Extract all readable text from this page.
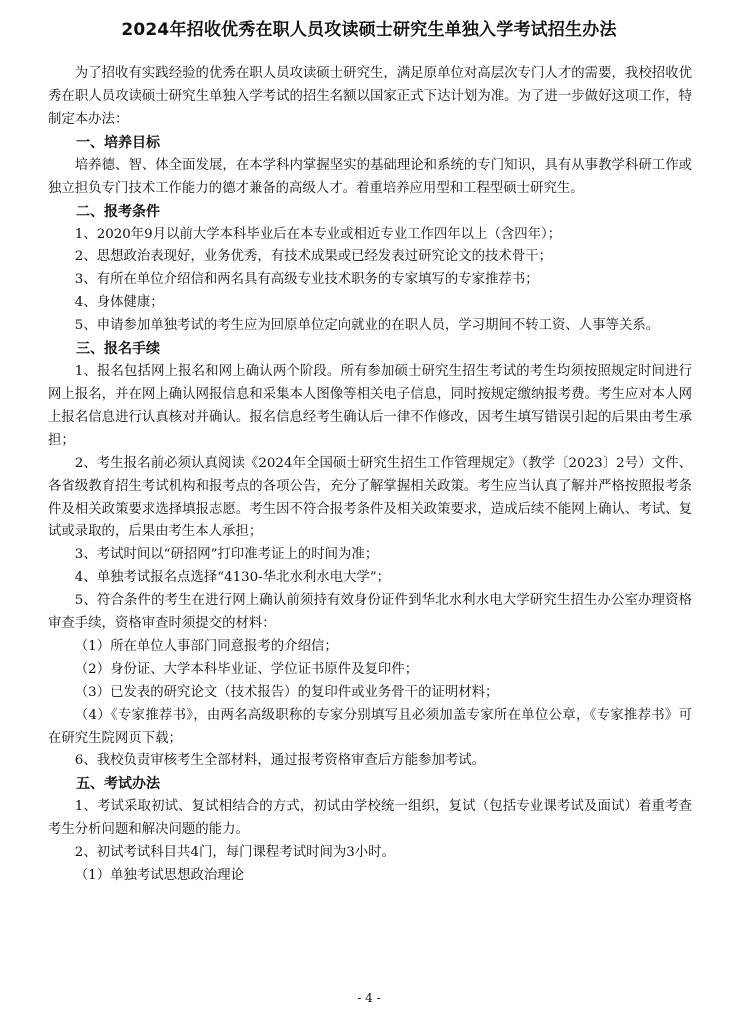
2024年招收优秀在职人员攻读硕士研究生单独入学考试招生办法

为了招收有实践经验的优秀在职人员攻读硕士研究生，满足原单位对高层次专门人才的需要，我校招收优秀在职人员攻读硕士研究生单独入学考试的招生名额以国家正式下达计划为准。为了进一步做好这项工作，特制定本办法：

一、培养目标

培养德、智、体全面发展，在本学科内掌握坚实的基础理论和系统的专门知识，具有从事教学科研工作或独立担负专门技术工作能力的德才兼备的高级人才。着重培养应用型和工程型硕士研究生。

二、报考条件

1、2020年9月以前大学本科毕业后在本专业或相近专业工作四年以上（含四年）；

2、思想政治表现好，业务优秀，有技术成果或已经发表过研究论文的技术骨干；

3、有所在单位介绍信和两名具有高级专业技术职务的专家填写的专家推荐书；

4、身体健康；

5、申请参加单独考试的考生应为回原单位定向就业的在职人员，学习期间不转工资、人事等关系。

三、报名手续

1、报名包括网上报名和网上确认两个阶段。所有参加硕士研究生招生考试的考生均须按照规定时间进行网上报名，并在网上确认网报信息和采集本人图像等相关电子信息，同时按规定缴纳报考费。考生应对本人网上报名信息进行认真核对并确认。报名信息经考生确认后一律不作修改，因考生填写错误引起的后果由考生承担；

2、考生报名前必须认真阅读《2024年全国硕士研究生招生工作管理规定》（教学〔2023〕2号）文件、各省级教育招生考试机构和报考点的各项公告，充分了解掌握相关政策。考生应当认真了解并严格按照报考条件及相关政策要求选择填报志愿。考生因不符合报考条件及相关政策要求，造成后续不能网上确认、考试、复试或录取的，后果由考生本人承担；

3、考试时间以“研招网”打印准考证上的时间为准；

4、单独考试报名点选择“4130-华北水利水电大学”；

5、符合条件的考生在进行网上确认前须持有效身份证件到华北水利水电大学研究生招生办公室办理资格审查手续，资格审查时须提交的材料：

（1）所在单位人事部门同意报考的介绍信；

（2）身份证、大学本科毕业证、学位证书原件及复印件；

（3）已发表的研究论文（技术报告）的复印件或业务骨干的证明材料；

（4）《专家推荐书》，由两名高级职称的专家分别填写且必须加盖专家所在单位公章，《专家推荐书》可在研究生院网页下载；

6、我校负责审核考生全部材料，通过报考资格审查后方能参加考试。

五、考试办法

1、考试采取初试、复试相结合的方式，初试由学校统一组织，复试（包括专业课考试及面试）着重考查考生分析问题和解决问题的能力。

2、初试考试科目共4门，每门课程考试时间为3小时。

（1）单独考试思想政治理论

- 4 -
